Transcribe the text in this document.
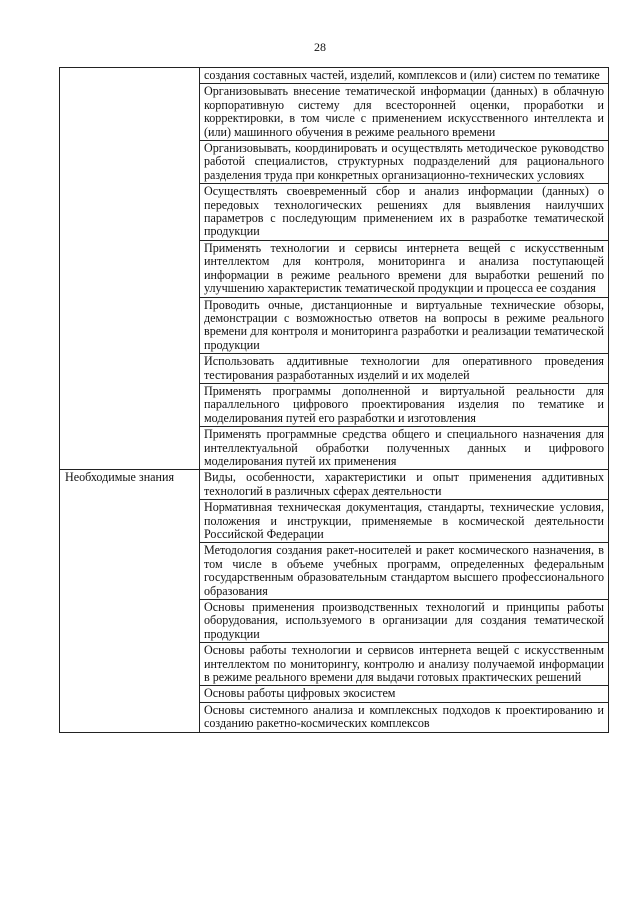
28
	создания составных частей, изделий, комплексов и (или) систем по тематике
	Организовывать внесение тематической информации (данных) в облачную корпоративную систему для всесторонней оценки, проработки и корректировки, в том числе с применением искусственного интеллекта и (или) машинного обучения в режиме реального времени
	Организовывать, координировать и осуществлять методическое руководство работой специалистов, структурных подразделений для рационального разделения труда при конкретных организационно-технических условиях
	Осуществлять своевременный сбор и анализ информации (данных) о передовых технологических решениях для выявления наилучших параметров с последующим применением их в разработке тематической продукции
	Применять технологии и сервисы интернета вещей с искусственным интеллектом для контроля, мониторинга и анализа поступающей информации в режиме реального времени для выработки решений по улучшению характеристик тематической продукции и процесса ее создания
	Проводить очные, дистанционные и виртуальные технические обзоры, демонстрации с возможностью ответов на вопросы в режиме реального времени для контроля и мониторинга разработки и реализации тематической продукции
	Использовать аддитивные технологии для оперативного проведения тестирования разработанных изделий и их моделей
	Применять программы дополненной и виртуальной реальности для параллельного цифрового проектирования изделия по тематике и моделирования путей его разработки и изготовления
	Применять программные средства общего и специального назначения для интеллектуальной обработки полученных данных и цифрового моделирования путей их применения
Необходимые знания	Виды, особенности, характеристики и опыт применения аддитивных технологий в различных сферах деятельности
	Нормативная техническая документация, стандарты, технические условия, положения и инструкции, применяемые в космической деятельности Российской Федерации
	Методология создания ракет-носителей и ракет космического назначения, в том числе в объеме учебных программ, определенных федеральным государственным образовательным стандартом высшего профессионального образования
	Основы применения производственных технологий и принципы работы оборудования, используемого в организации для создания тематической продукции
	Основы работы технологии и сервисов интернета вещей с искусственным интеллектом по мониторингу, контролю и анализу получаемой информации в режиме реального времени для выдачи готовых практических решений
	Основы работы цифровых экосистем
	Основы системного анализа и комплексных подходов к проектированию и созданию ракетно-космических комплексов
